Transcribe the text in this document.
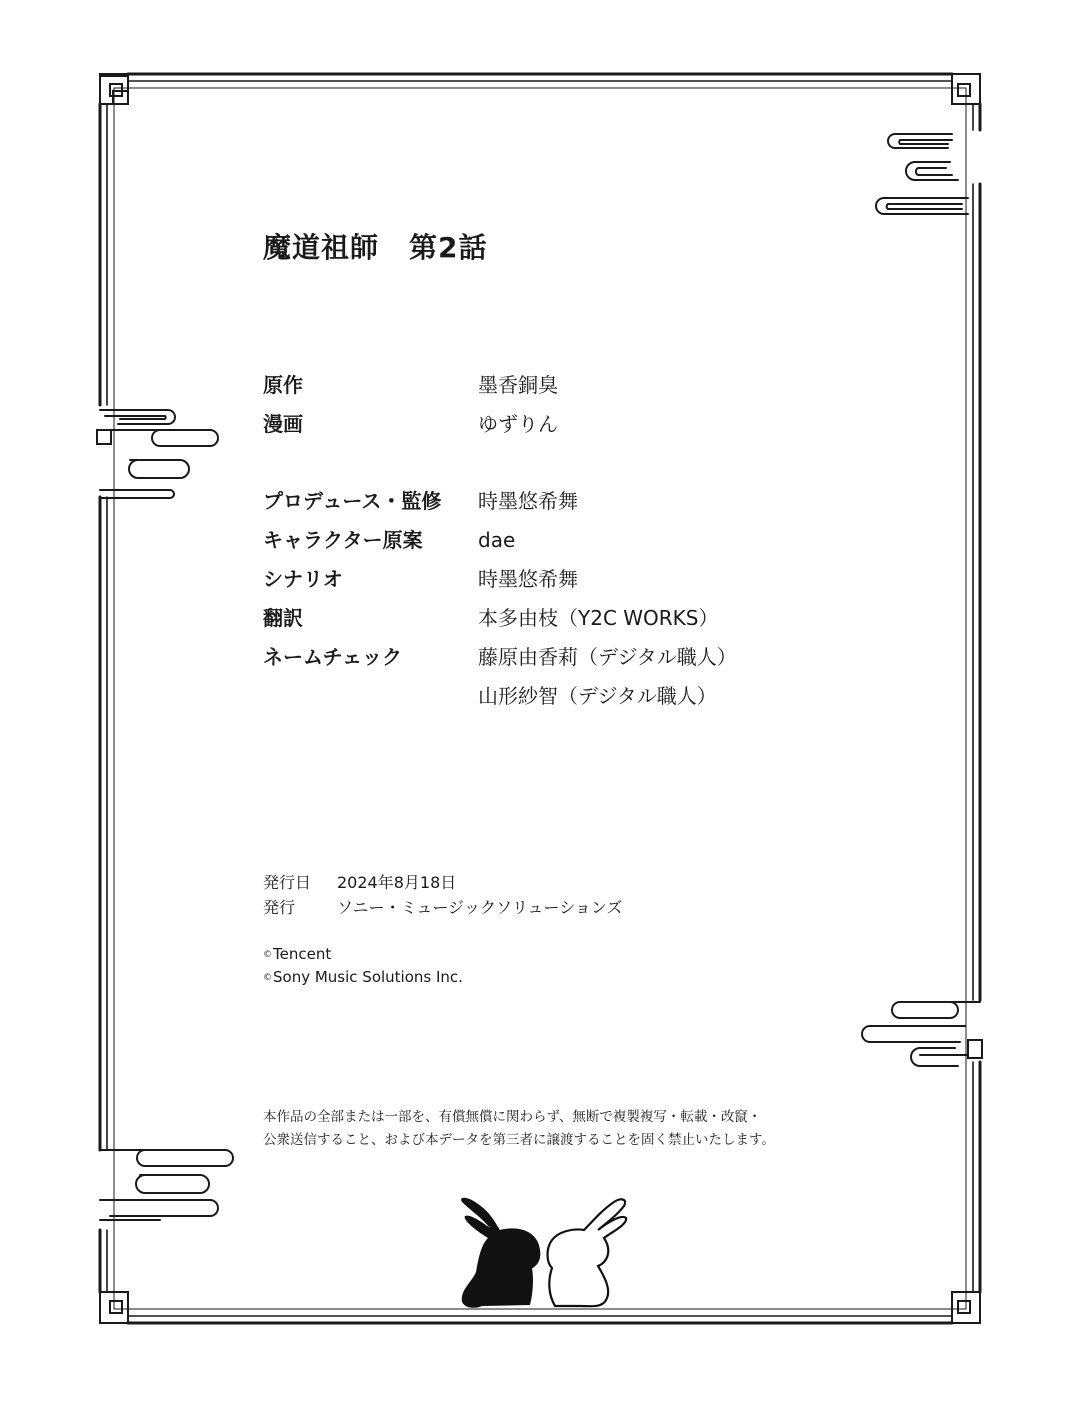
魔道祖師 第2話
原作	墨香銅臭
漫画	ゆずりん
プロデュース・監修 時墨悠希舞
キャラクター原案	dae
シナリオ	時墨悠希舞
翻訳	本多由枝（Y2C WORKS）
ネームチェック	藤原由香莉（デジタル職人）
山形紗智（デジタル職人）
発行日 2024年8月18日
発行	ソニー・ミュージックソリューションズ
©Tencent
©Sony Music Solutions Inc.
本作品の全部または一部を、有償無償に関わらず、無断で複製複写・転載・改竄・
公衆送信すること、および本データを第三者に譲渡することを固く禁止いたします。
